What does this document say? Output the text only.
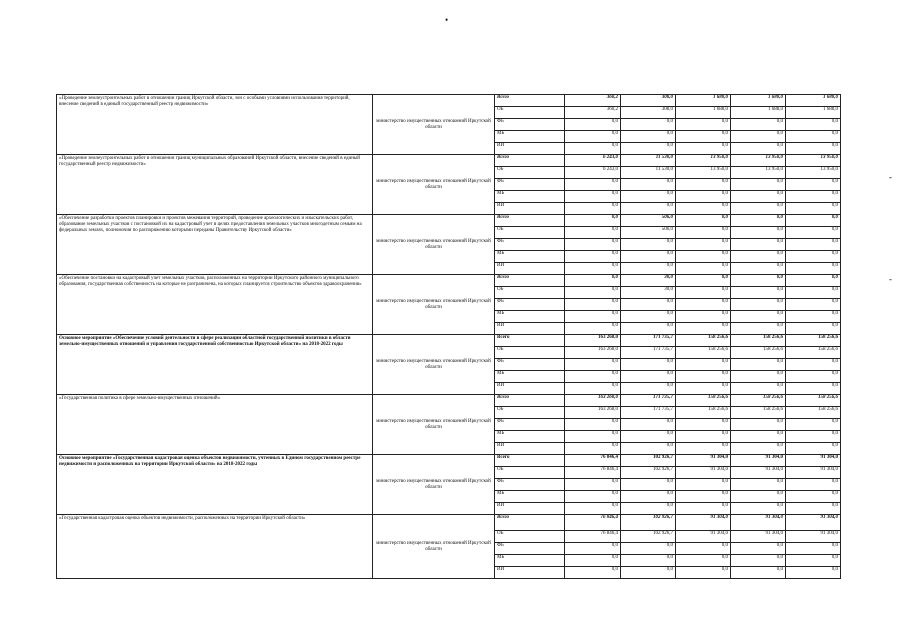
•
-
-
«Проведение землеустроительных работ в отношении границ Иркутской области, зон с особыми условиями использования территорий, внесение сведений в единый государственный реестр недвижимости»	министерство имущественных отношений Иркутской области	Всего	360,2	308,0	1 688,0	1 688,0	1 688,0
		ОБ	360,2	308,0	1 688,0	1 688,0	1 688,0
		ФБ	0,0	0,0	0,0	0,0	0,0
		МБ	0,0	0,0	0,0	0,0	0,0
		ИИ	0,0	0,0	0,0	0,0	0,0
«Проведение землеустроительных работ в отношении границ муниципальных образований Иркутской области, внесение сведений в единый государственный реестр недвижимости»	министерство имущественных отношений Иркутской области	Всего	6 243,0	11 530,0	13 950,0	13 950,0	13 950,0
		ОБ	6 243,0	11 530,0	13 950,0	13 950,0	13 950,0
		ФБ	0,0	0,0	0,0	0,0	0,0
		МБ	0,0	0,0	0,0	0,0	0,0
		ИИ	0,0	0,0	0,0	0,0	0,0
«Обеспечение разработки проектов планировки и проектов межевания территорий, проведение археологических и изыскательских работ, образование земельных участков с постановкой их на кадастровый учет в целях предоставления земельных участков многодетным семьям на федеральных землях, полномочия по распоряжению которыми переданы Правительству Иркутской области»	министерство имущественных отношений Иркутской области	Всего	0,0	506,0	0,0	0,0	0,0
		ОБ	0,0	506,0	0,0	0,0	0,0
		ФБ	0,0	0,0	0,0	0,0	0,0
		МБ	0,0	0,0	0,0	0,0	0,0
		ИИ	0,0	0,0	0,0	0,0	0,0
«Обеспечение постановки на кадастровый учет земельных участков, расположенных на территории Иркутского районного муниципального образования, государственная собственность на которые не разграничена, на которых планируется строительство объектов здравоохранения»	министерство имущественных отношений Иркутской области	Всего	0,0	30,0	0,0	0,0	0,0
		ОБ	0,0	30,0	0,0	0,0	0,0
		ФБ	0,0	0,0	0,0	0,0	0,0
		МБ	0,0	0,0	0,0	0,0	0,0
		ИИ	0,0	0,0	0,0	0,0	0,0
Основное мероприятие «Обеспечение условий деятельности в сфере реализации областной государственной политики в области земельно-имущественных отношений и управления государственной собственностью Иркутской области» на 2018-2022 годы	министерство имущественных отношений Иркутской области	Всего	163 268,0	171 735,7	158 256,6	158 256,6	158 256,6
		ОБ	163 268,0	171 735,7	158 256,6	158 256,6	158 256,6
		ФБ	0,0	0,0	0,0	0,0	0,0
		МБ	0,0	0,0	0,0	0,0	0,0
		ИИ	0,0	0,0	0,0	0,0	0,0
«Государственная политика в сфере земельно-имущественных отношений»	министерство имущественных отношений Иркутской области	Всего	163 268,0	171 735,7	158 256,6	158 256,6	158 256,6
		ОБ	163 268,0	171 735,7	158 256,6	158 256,6	158 256,6
		ФБ	0,0	0,0	0,0	0,0	0,0
		МБ	0,0	0,0	0,0	0,0	0,0
		ИИ	0,0	0,0	0,0	0,0	0,0
Основное мероприятие «Государственная кадастровая оценка объектов недвижимости, учтенных в Едином государственном реестре недвижимости и расположенных на территории Иркутской области» на 2018-2022 годы	министерство имущественных отношений Иркутской области	Всего	76 846,4	102 926,7	91 304,0	91 304,0	91 304,0
		ОБ	76 846,4	102 926,7	91 304,0	91 304,0	91 304,0
		ФБ	0,0	0,0	0,0	0,0	0,0
		МБ	0,0	0,0	0,0	0,0	0,0
		ИИ	0,0	0,0	0,0	0,0	0,0
«Государственная кадастровая оценка объектов недвижимости, расположенных на территории Иркутской области»	министерство имущественных отношений Иркутской области	Всего	76 846,4	102 926,7	91 304,0	91 304,0	91 304,0
		ОБ	76 846,4	102 926,7	91 304,0	91 304,0	91 304,0
		ФБ	0,0	0,0	0,0	0,0	0,0
		МБ	0,0	0,0	0,0	0,0	0,0
		ИИ	0,0	0,0	0,0	0,0	0,0
